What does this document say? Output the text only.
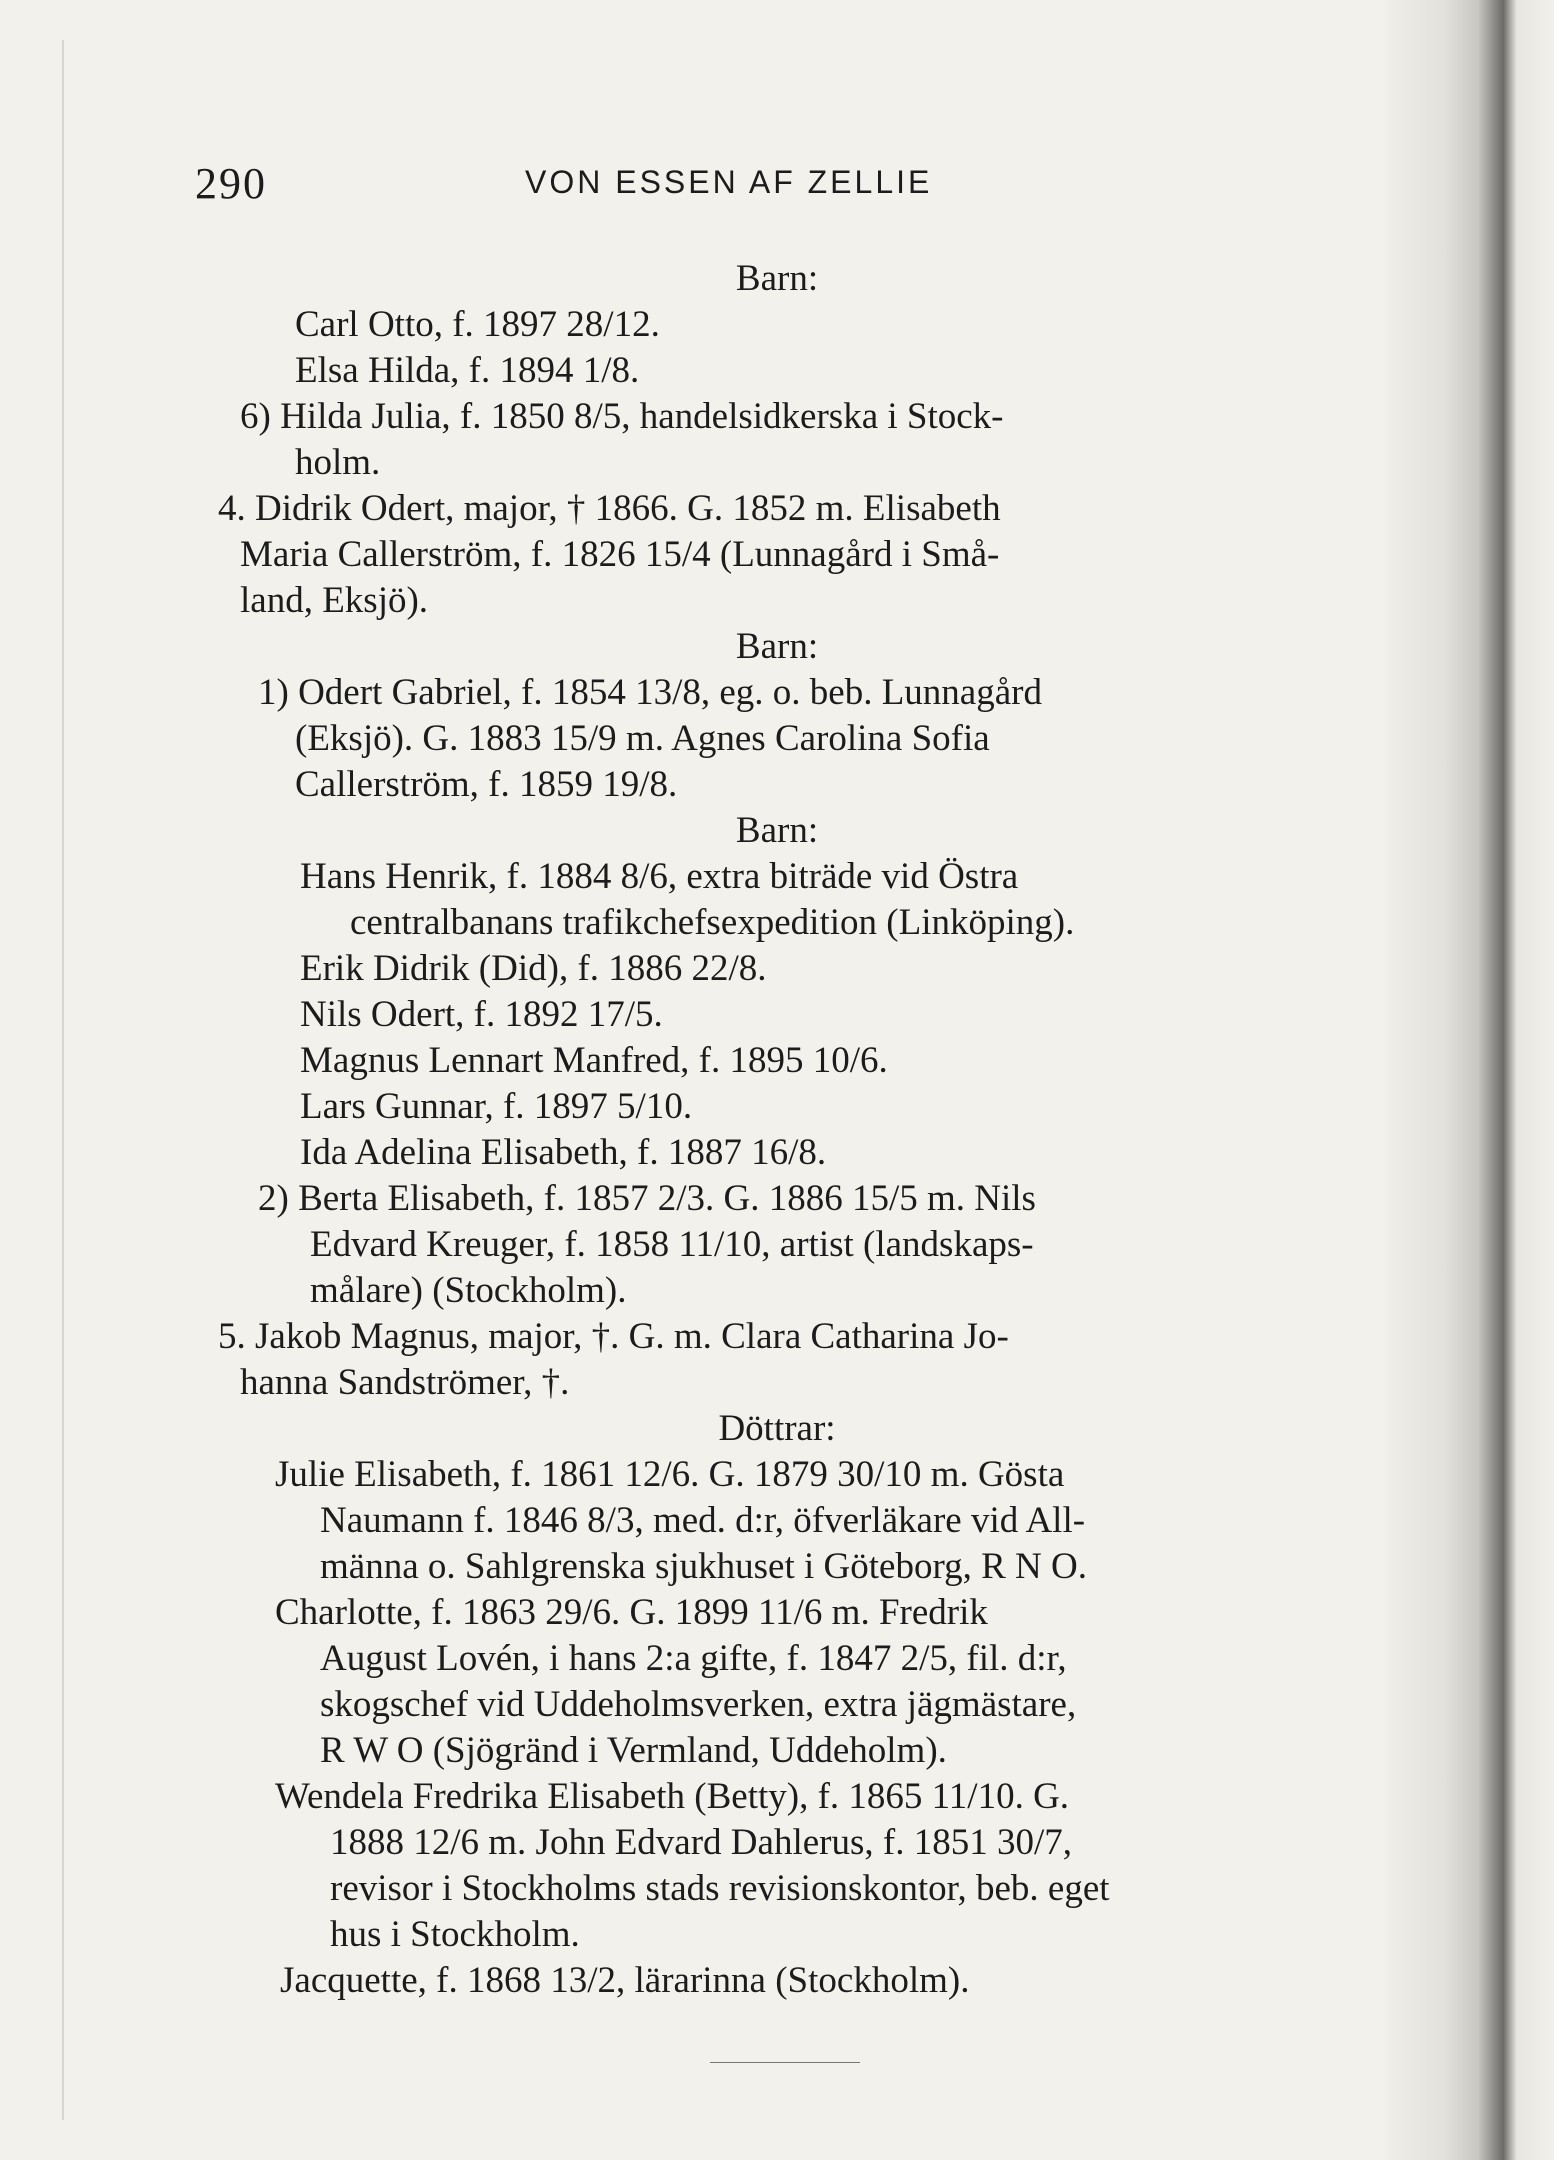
290	VON ESSEN AF ZELLIE
Barn:
Carl Otto, f. 1897 28/12.
Elsa Hilda, f. 1894 1/8.
6) Hilda Julia, f. 1850 8/5, handelsidkerska i Stock-
holm.
4. Didrik Odert, major, † 1866. G. 1852 m. Elisabeth
Maria Callerström, f. 1826 15/4 (Lunnagård i Små-
land, Eksjö).
Barn:
1) Odert Gabriel, f. 1854 13/8, eg. o. beb. Lunnagård
(Eksjö). G. 1883 15/9 m. Agnes Carolina Sofia
Callerström, f. 1859 19/8.
Barn:
Hans Henrik, f. 1884 8/6, extra biträde vid Östra
centralbanans trafikchefsexpedition (Linköping).
Erik Didrik (Did), f. 1886 22/8.
Nils Odert, f. 1892 17/5.
Magnus Lennart Manfred, f. 1895 10/6.
Lars Gunnar, f. 1897 5/10.
Ida Adelina Elisabeth, f. 1887 16/8.
2) Berta Elisabeth, f. 1857 2/3. G. 1886 15/5 m. Nils
Edvard Kreuger, f. 1858 11/10, artist (landskaps-
målare) (Stockholm).
5. Jakob Magnus, major, †. G. m. Clara Catharina Jo-
hanna Sandströmer, †.
Döttrar:
Julie Elisabeth, f. 1861 12/6. G. 1879 30/10 m. Gösta
Naumann f. 1846 8/3, med. d:r, öfverläkare vid All-
männa o. Sahlgrenska sjukhuset i Göteborg, R N O.
Charlotte, f. 1863 29/6. G. 1899 11/6 m. Fredrik
August Lovén, i hans 2:a gifte, f. 1847 2/5, fil. d:r,
skogschef vid Uddeholmsverken, extra jägmästare,
R W O (Sjögränd i Vermland, Uddeholm).
Wendela Fredrika Elisabeth (Betty), f. 1865 11/10. G.
1888 12/6 m. John Edvard Dahlerus, f. 1851 30/7,
revisor i Stockholms stads revisionskontor, beb. eget
hus i Stockholm.
Jacquette, f. 1868 13/2, lärarinna (Stockholm).
